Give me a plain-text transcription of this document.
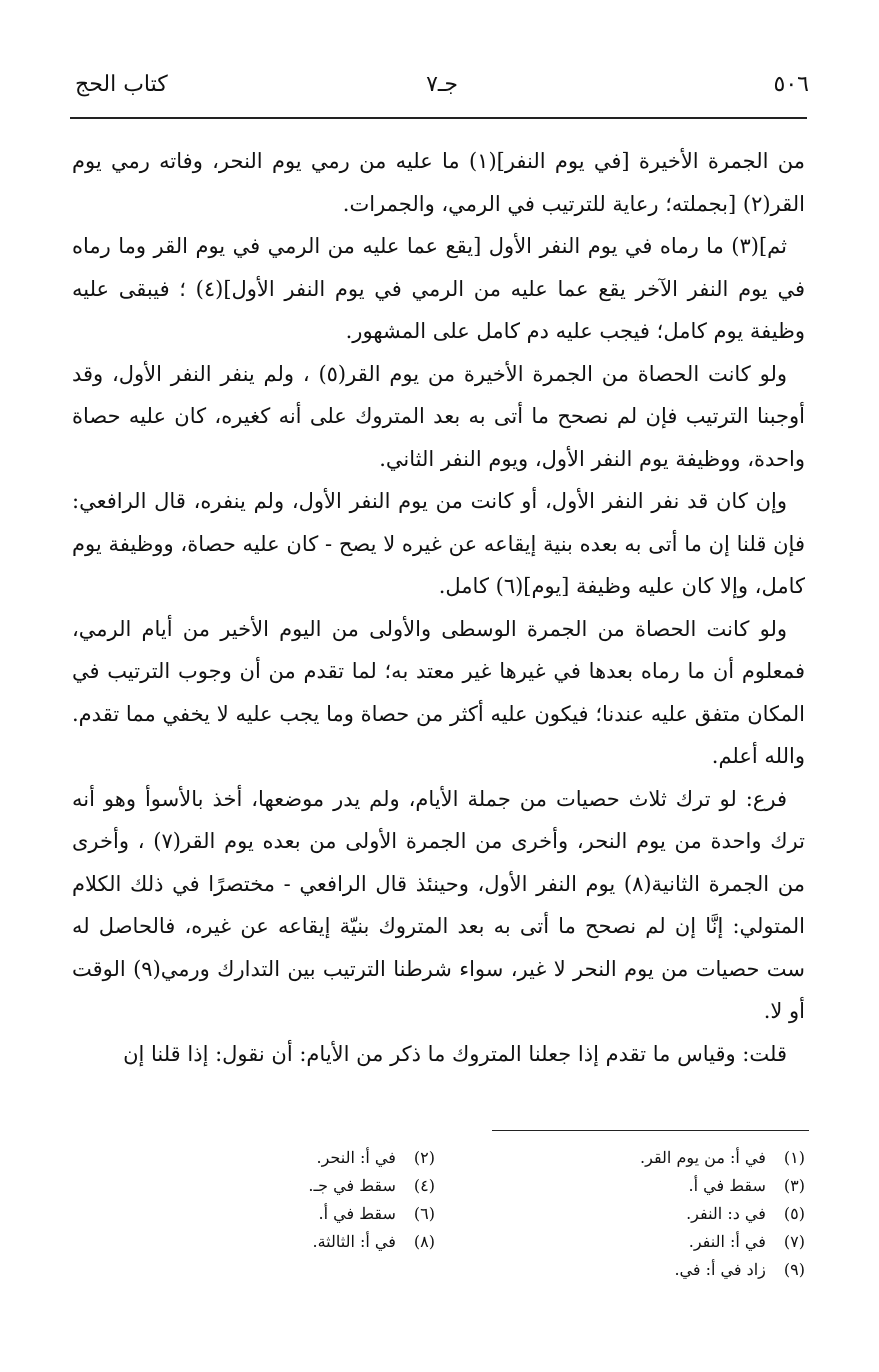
٥٠٦
جـ٧
كتاب الحج

من الجمرة الأخيرة [في يوم النفر](١) ما عليه من رمي يوم النحر، وفاته رمي يوم القر(٢) [بجملته؛ رعاية للترتيب في الرمي، والجمرات.

ثم](٣) ما رماه في يوم النفر الأول [يقع عما عليه من الرمي في يوم القر وما رماه في يوم النفر الآخر يقع عما عليه من الرمي في يوم النفر الأول](٤) ؛ فيبقى عليه وظيفة يوم كامل؛ فيجب عليه دم كامل على المشهور.

ولو كانت الحصاة من الجمرة الأخيرة من يوم القر(٥) ، ولم ينفر النفر الأول، وقد أوجبنا الترتيب فإن لم نصحح ما أتى به بعد المتروك على أنه كغيره، كان عليه حصاة واحدة، ووظيفة يوم النفر الأول، ويوم النفر الثاني.

وإن كان قد نفر النفر الأول، أو كانت من يوم النفر الأول، ولم ينفره، قال الرافعي: فإن قلنا إن ما أتى به بعده بنية إيقاعه عن غيره لا يصح - كان عليه حصاة، ووظيفة يوم كامل، وإلا كان عليه وظيفة [يوم](٦) كامل.

ولو كانت الحصاة من الجمرة الوسطى والأولى من اليوم الأخير من أيام الرمي، فمعلوم أن ما رماه بعدها في غيرها غير معتد به؛ لما تقدم من أن وجوب الترتيب في المكان متفق عليه عندنا؛ فيكون عليه أكثر من حصاة وما يجب عليه لا يخفي مما تقدم. والله أعلم.

فرع: لو ترك ثلاث حصيات من جملة الأيام، ولم يدر موضعها، أخذ بالأسوأ وهو أنه ترك واحدة من يوم النحر، وأخرى من الجمرة الأولى من بعده يوم القر(٧) ، وأخرى من الجمرة الثانية(٨) يوم النفر الأول، وحينئذ قال الرافعي - مختصرًا في ذلك الكلام المتولي: إنَّا إن لم نصحح ما أتى به بعد المتروك بنيّة إيقاعه عن غيره، فالحاصل له ست حصيات من يوم النحر لا غير، سواء شرطنا الترتيب بين التدارك ورمي(٩) الوقت أو لا.

قلت: وقياس ما تقدم إذا جعلنا المتروك ما ذكر من الأيام: أن نقول: إذا قلنا إن

(١) في أ: من يوم القر.
(٢) في أ: النحر.
(٣) سقط في أ.
(٤) سقط في جـ.
(٥) في د: النفر.
(٦) سقط في أ.
(٧) في أ: النفر.
(٨) في أ: الثالثة.
(٩) زاد في أ: في.
